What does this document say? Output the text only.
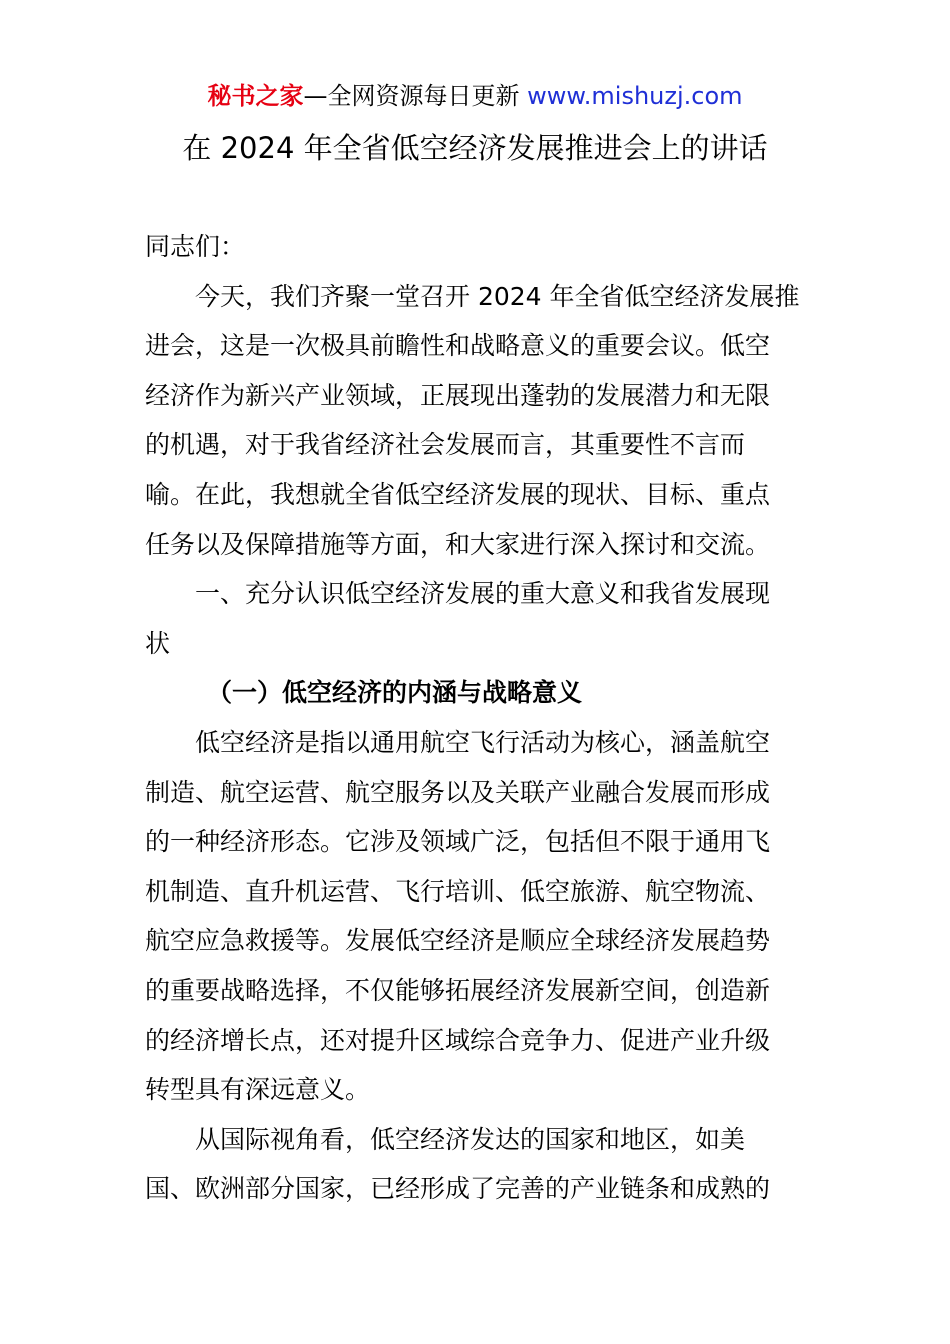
秘书之家—全网资源每日更新 www.mishuzj.com
在 2024 年全省低空经济发展推进会上的讲话
同志们：
今天，我们齐聚一堂召开 2024 年全省低空经济发展推
进会，这是一次极具前瞻性和战略意义的重要会议。低空
经济作为新兴产业领域，正展现出蓬勃的发展潜力和无限
的机遇，对于我省经济社会发展而言，其重要性不言而
喻。在此，我想就全省低空经济发展的现状、目标、重点
任务以及保障措施等方面，和大家进行深入探讨和交流。
一、充分认识低空经济发展的重大意义和我省发展现
状
（一）低空经济的内涵与战略意义
低空经济是指以通用航空飞行活动为核心，涵盖航空
制造、航空运营、航空服务以及关联产业融合发展而形成
的一种经济形态。它涉及领域广泛，包括但不限于通用飞
机制造、直升机运营、飞行培训、低空旅游、航空物流、
航空应急救援等。发展低空经济是顺应全球经济发展趋势
的重要战略选择，不仅能够拓展经济发展新空间，创造新
的经济增长点，还对提升区域综合竞争力、促进产业升级
转型具有深远意义。
从国际视角看，低空经济发达的国家和地区，如美
国、欧洲部分国家，已经形成了完善的产业链条和成熟的
